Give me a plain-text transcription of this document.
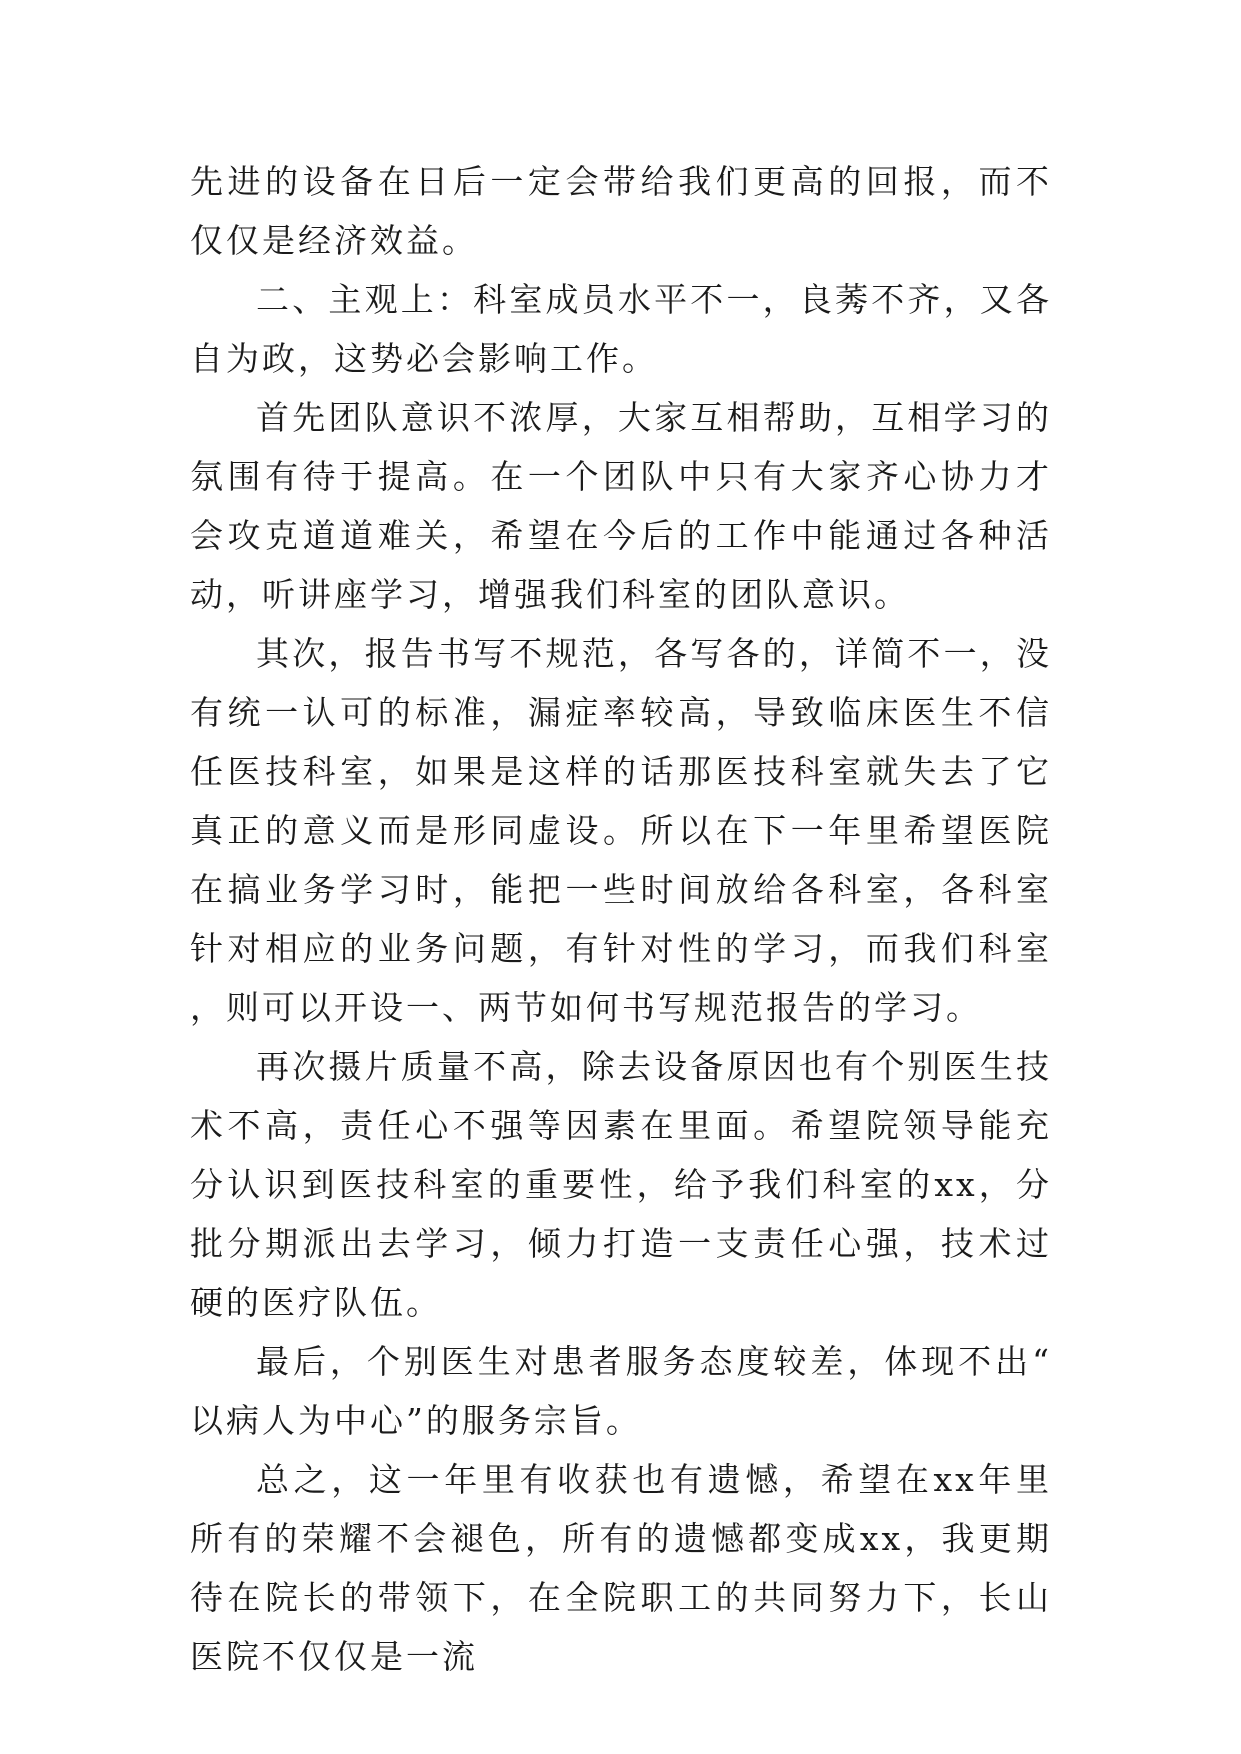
先进的设备在日后一定会带给我们更高的回报，而不仅仅是经济效益。

二、主观上：科室成员水平不一，良莠不齐，又各自为政，这势必会影响工作。

首先团队意识不浓厚，大家互相帮助，互相学习的氛围有待于提高。在一个团队中只有大家齐心协力才会攻克道道难关，希望在今后的工作中能通过各种活动，听讲座学习，增强我们科室的团队意识。

其次，报告书写不规范，各写各的，详简不一，没有统一认可的标准，漏症率较高，导致临床医生不信任医技科室，如果是这样的话那医技科室就失去了它真正的意义而是形同虚设。所以在下一年里希望医院在搞业务学习时，能把一些时间放给各科室，各科室针对相应的业务问题，有针对性的学习，而我们科室，则可以开设一、两节如何书写规范报告的学习。

再次摄片质量不高，除去设备原因也有个别医生技术不高，责任心不强等因素在里面。希望院领导能充分认识到医技科室的重要性，给予我们科室的xx，分批分期派出去学习，倾力打造一支责任心强，技术过硬的医疗队伍。

最后，个别医生对患者服务态度较差，体现不出“以病人为中心”的服务宗旨。

总之，这一年里有收获也有遗憾，希望在xx年里所有的荣耀不会褪色，所有的遗憾都变成xx，我更期待在院长的带领下，在全院职工的共同努力下，长山医院不仅仅是一流
